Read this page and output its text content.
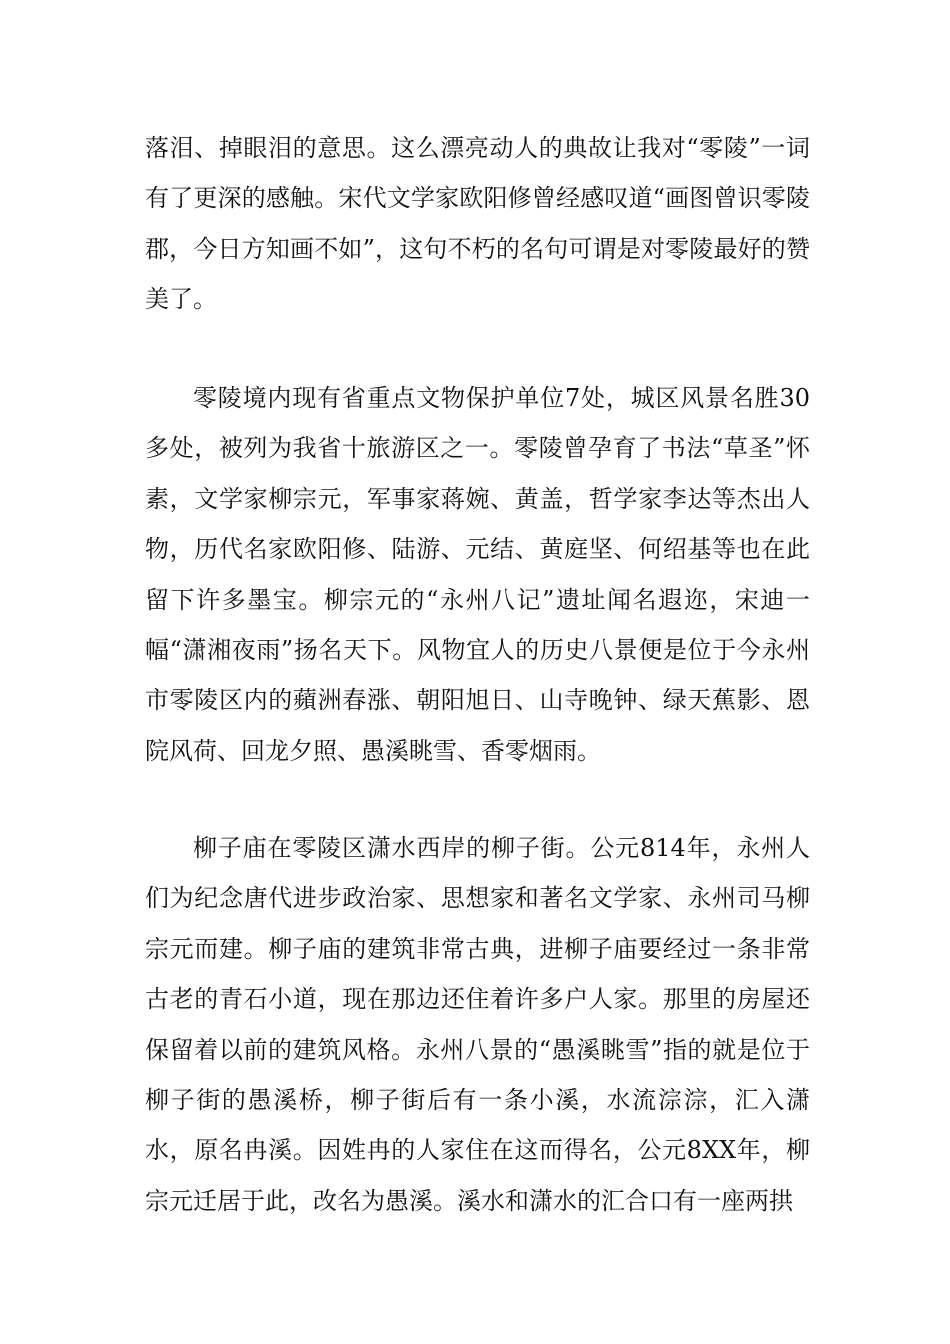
落泪、掉眼泪的意思。这么漂亮动人的典故让我对“零陵”一词有了更深的感触。宋代文学家欧阳修曾经感叹道“画图曾识零陵郡，今日方知画不如”，这句不朽的名句可谓是对零陵最好的赞美了。

零陵境内现有省重点文物保护单位7处，城区风景名胜30多处，被列为我省十旅游区之一。零陵曾孕育了书法“草圣”怀素，文学家柳宗元，军事家蒋婉、黄盖，哲学家李达等杰出人物，历代名家欧阳修、陆游、元结、黄庭坚、何绍基等也在此留下许多墨宝。柳宗元的“永州八记”遗址闻名遐迩，宋迪一幅“潇湘夜雨”扬名天下。风物宜人的历史八景便是位于今永州市零陵区内的蘋洲春涨、朝阳旭日、山寺晚钟、绿天蕉影、恩院风荷、回龙夕照、愚溪眺雪、香零烟雨。

柳子庙在零陵区潇水西岸的柳子街。公元814年，永州人们为纪念唐代进步政治家、思想家和著名文学家、永州司马柳宗元而建。柳子庙的建筑非常古典，进柳子庙要经过一条非常古老的青石小道，现在那边还住着许多户人家。那里的房屋还保留着以前的建筑风格。永州八景的“愚溪眺雪”指的就是位于柳子街的愚溪桥，柳子街后有一条小溪，水流淙淙，汇入潇水，原名冉溪。因姓冉的人家住在这而得名，公元8XX年，柳宗元迁居于此，改名为愚溪。溪水和潇水的汇合口有一座两拱
